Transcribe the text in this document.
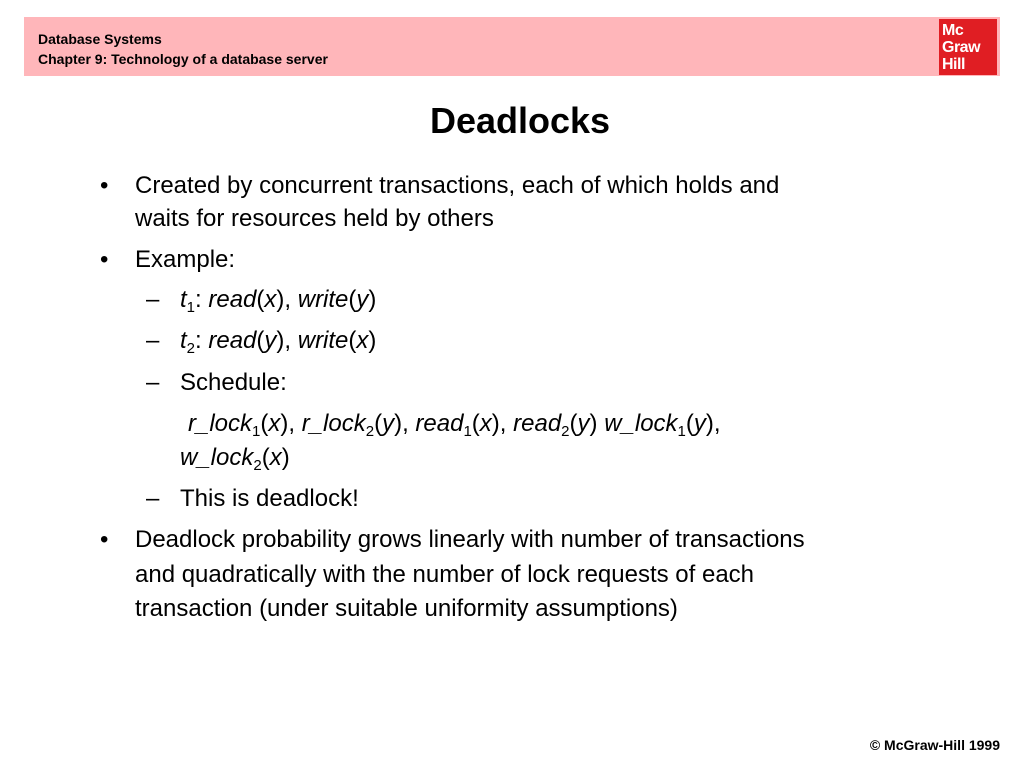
Database Systems
Chapter 9: Technology of a database server
Mc
Graw
Hill
Deadlocks
• Created by concurrent transactions, each of which holds and
waits for resources held by others
• Example:
– $t_1$: read(x), write(y)
– $t_2$: read(y), write(x)
– Schedule:
r_lock$_1$(x), r_lock$_2$(y), read$_1$(x), read$_2$(y) w_lock$_1$(y),
w_lock$_2$(x)
– This is deadlock!
• Deadlock probability grows linearly with number of transactions
and quadratically with the number of lock requests of each
transaction (under suitable uniformity assumptions)
© McGraw-Hill 1999
